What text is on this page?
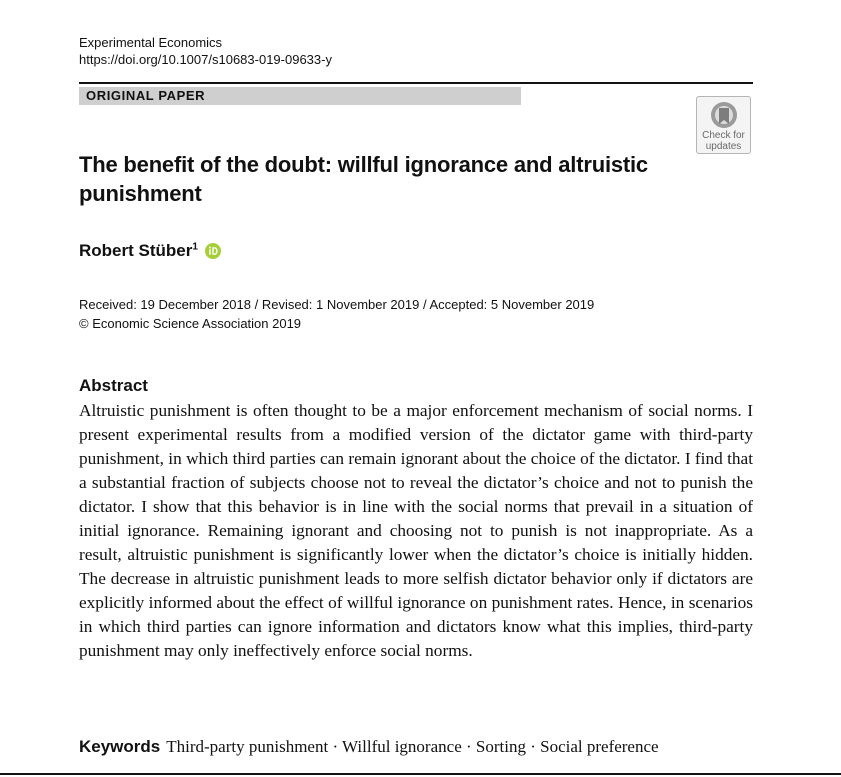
Experimental Economics
https://doi.org/10.1007/s10683-019-09633-y
ORIGINAL PAPER
Check for
updates
The benefit of the doubt: willful ignorance and altruistic punishment
Robert Stüber$^1$
Received: 19 December 2018 / Revised: 1 November 2019 / Accepted: 5 November 2019
© Economic Science Association 2019
Abstract

Altruistic punishment is often thought to be a major enforcement mechanism of social norms. I present experimental results from a modified version of the dictator game with third-party punishment, in which third parties can remain ignorant about the choice of the dictator. I find that a substantial fraction of subjects choose not to reveal the dictator’s choice and not to punish the dictator. I show that this behavior is in line with the social norms that prevail in a situation of initial ignorance. Remaining ignorant and choosing not to punish is not inappropriate. As a result, altruistic punishment is significantly lower when the dictator’s choice is initially hidden. The decrease in altruistic punishment leads to more selfish dictator behavior only if dictators are explicitly informed about the effect of willful ignorance on punishment rates. Hence, in scenarios in which third parties can ignore information and dictators know what this implies, third-party punishment may only ineffectively enforce social norms.

Keywords Third-party punishment · Willful ignorance · Sorting · Social preference
